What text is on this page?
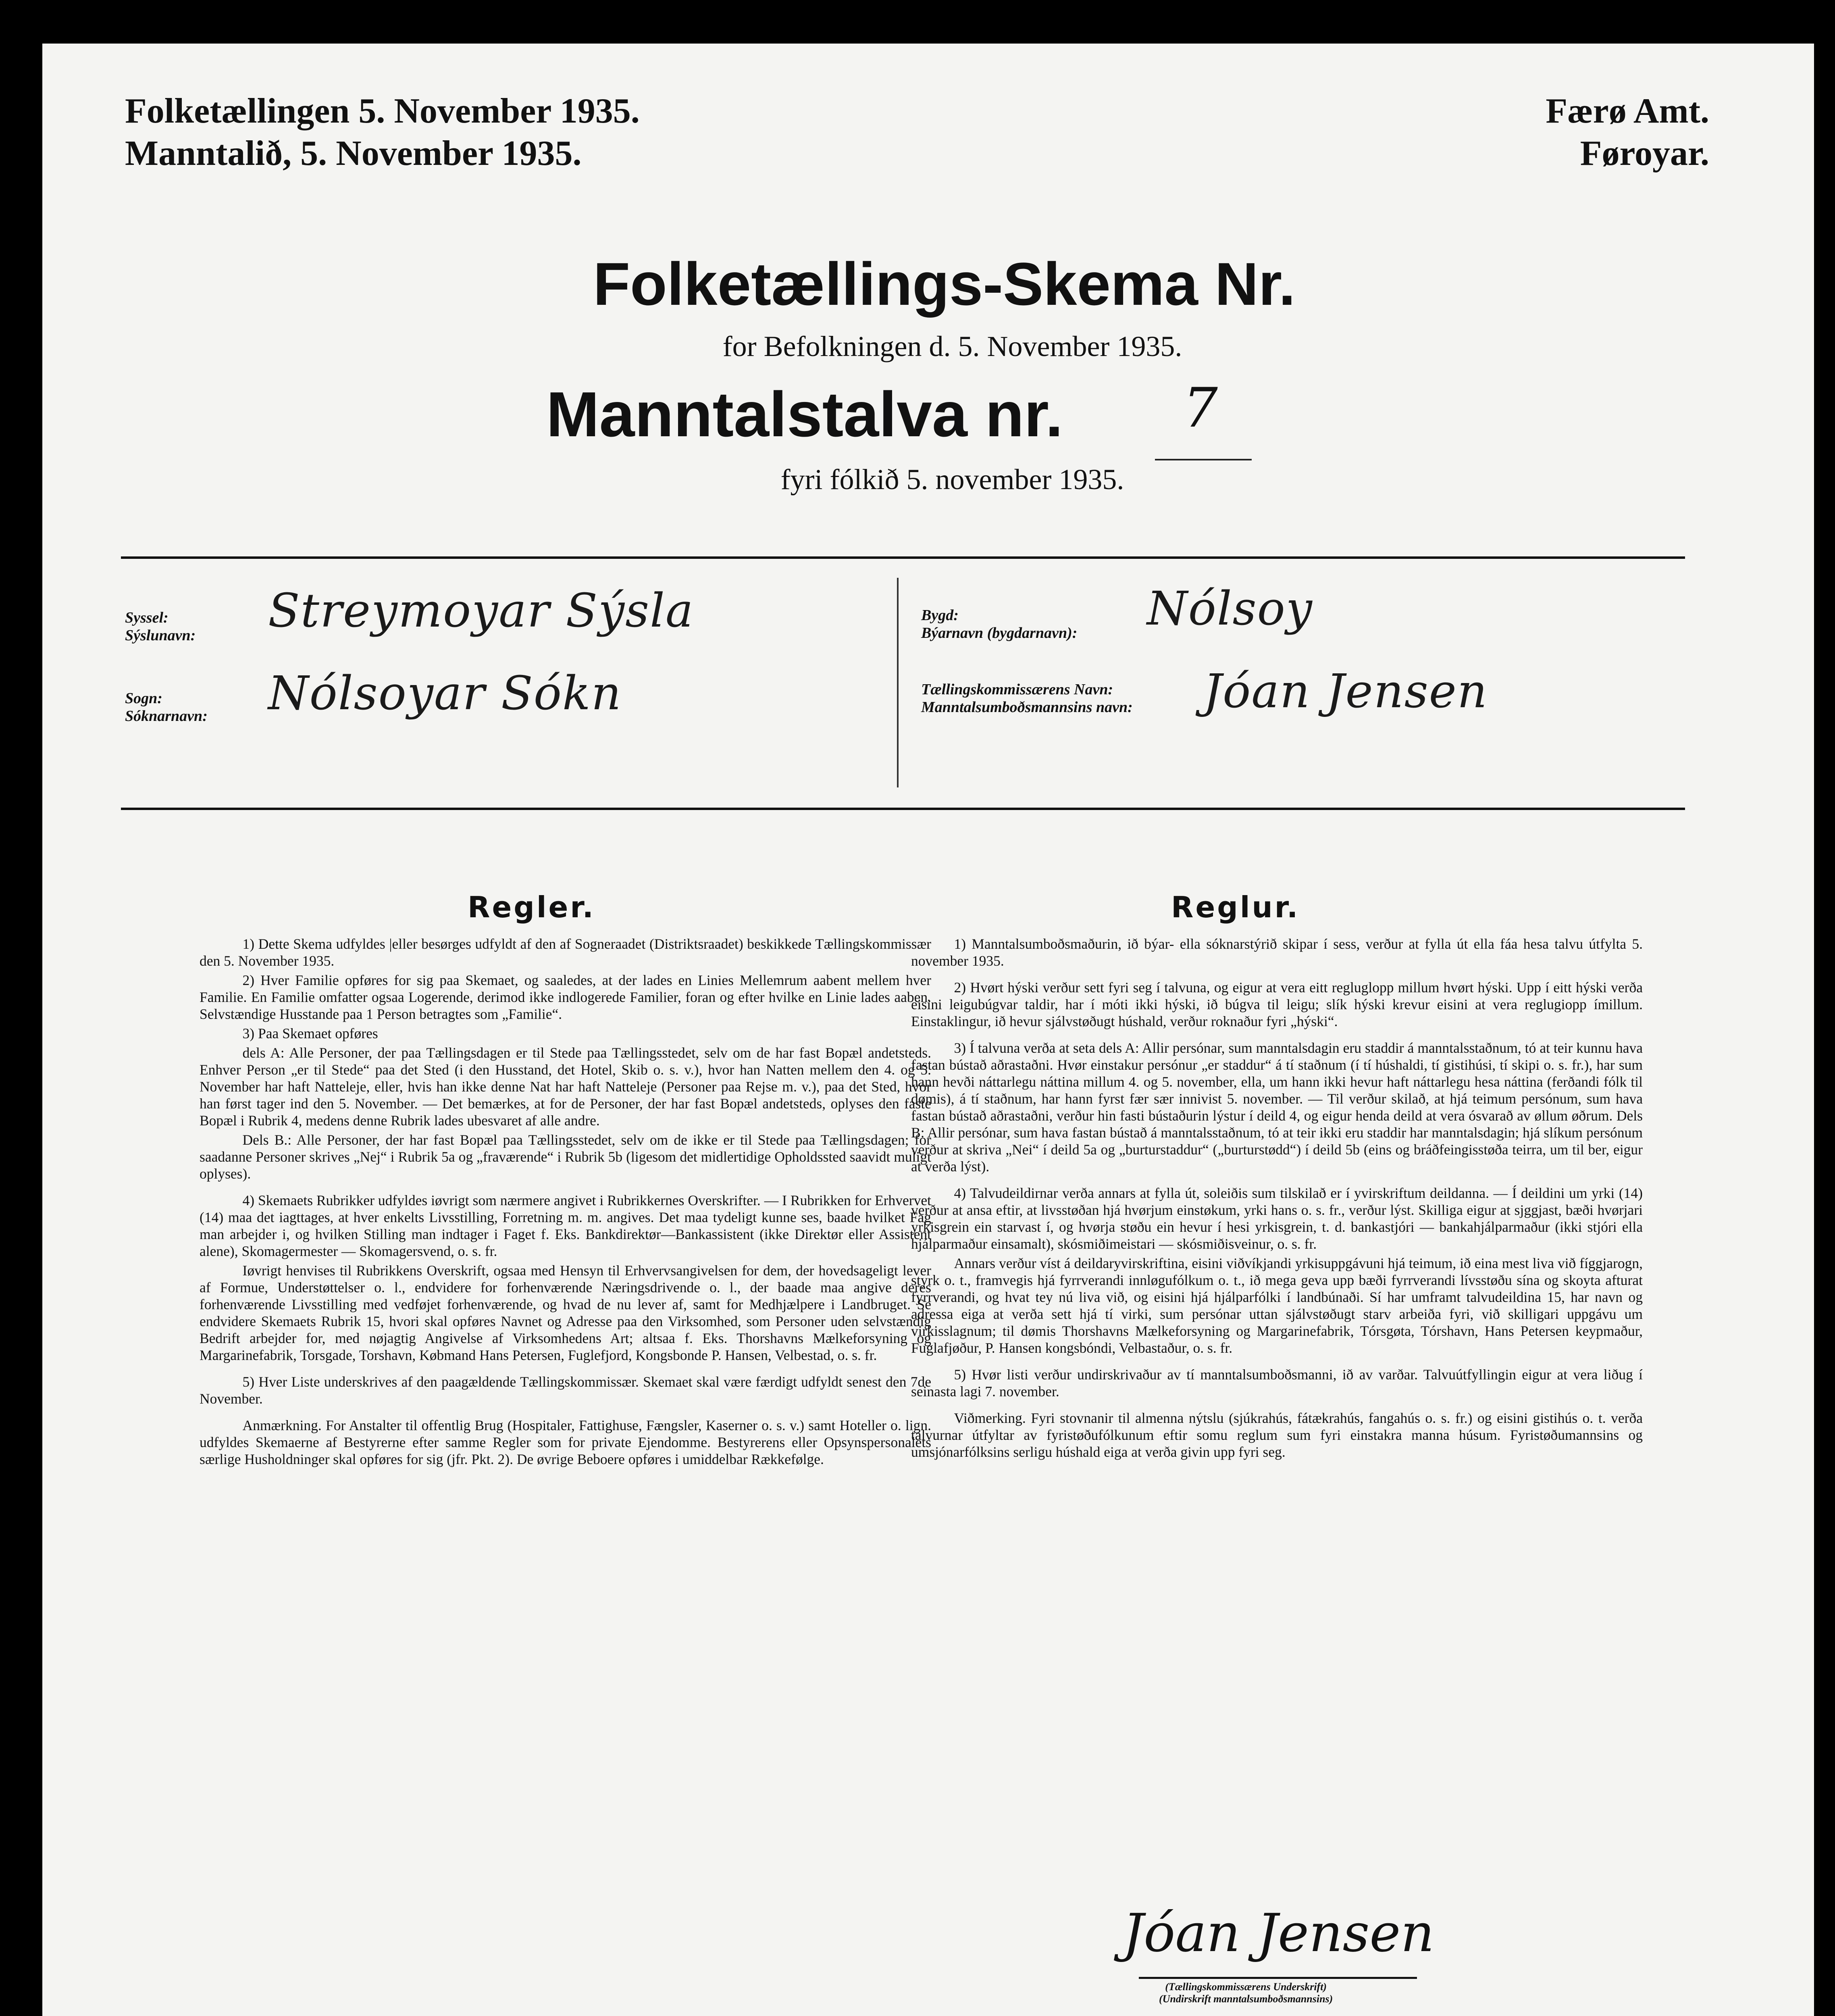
Folketællingen 5. November 1935.
Manntalið, 5. November 1935.
Færø Amt.
Føroyar.
Folketællings-Skema Nr.
for Befolkningen d. 5. November 1935.
Manntalstalva nr. 7
fyri fólkið 5. november 1935.
Syssel:
Sýslunavn: Streymoyar Sýsla
Sogn:
Sóknarnavn: Nólsoyar Sókn
Bygd:
Býarnavn (bygdarnavn): Nólsoy
Tællingskommissærens Navn:
Manntalsumboðsmannsins navn: Jóan Jensen
Regler.

1) Dette Skema udfyldes |eller besørges udfyldt af den af Sogneraadet (Distriktsraadet) beskikkede Tællingskommissær den 5. November 1935.

2) Hver Familie opføres for sig paa Skemaet, og saaledes, at der lades en Linies Mellemrum aabent mellem hver Familie. En Familie omfatter ogsaa Logerende, derimod ikke indlogerede Familier, foran og efter hvilke en Linie lades aaben. Selvstændige Husstande paa 1 Person betragtes som „Familie“.

3) Paa Skemaet opføres

dels A: Alle Personer, der paa Tællingsdagen er til Stede paa Tællingsstedet, selv om de har fast Bopæl andetsteds. Enhver Person „er til Stede“ paa det Sted (i den Husstand, det Hotel, Skib o. s. v.), hvor han Natten mellem den 4. og 5. November har haft Natteleje, eller, hvis han ikke denne Nat har haft Natteleje (Personer paa Rejse m. v.), paa det Sted, hvor han først tager ind den 5. November. — Det bemærkes, at for de Personer, der har fast Bopæl andetsteds, oplyses den faste Bopæl i Rubrik 4, medens denne Rubrik lades ubesvaret af alle andre.

Dels B.: Alle Personer, der har fast Bopæl paa Tællingsstedet, selv om de ikke er til Stede paa Tællingsdagen; for saadanne Personer skrives „Nej“ i Rubrik 5a og „fraværende“ i Rubrik 5b (ligesom det midlertidige Opholdssted saavidt muligt oplyses).

4) Skemaets Rubrikker udfyldes iøvrigt som nærmere angivet i Rubrikkernes Overskrifter. — I Rubrikken for Erhvervet (14) maa det iagttages, at hver enkelts Livsstilling, Forretning m. m. angives. Det maa tydeligt kunne ses, baade hvilket Fag man arbejder i, og hvilken Stilling man indtager i Faget f. Eks. Bankdirektør—Bankassistent (ikke Direktør eller Assistent alene), Skomagermester — Skomagersvend, o. s. fr.

Iøvrigt henvises til Rubrikkens Overskrift, ogsaa med Hensyn til Erhvervsangivelsen for dem, der hovedsageligt lever af Formue, Understøttelser o. l., endvidere for forhenværende Næringsdrivende o. l., der baade maa angive deres forhenværende Livsstilling med vedføjet forhenværende, og hvad de nu lever af, samt for Medhjælpere i Landbruget. Se endvidere Skemaets Rubrik 15, hvori skal opføres Navnet og Adresse paa den Virksomhed, som Personer uden selvstændig Bedrift arbejder for, med nøjagtig Angivelse af Virksomhedens Art; altsaa f. Eks. Thorshavns Mælkeforsyning og Margarinefabrik, Torsgade, Torshavn, Købmand Hans Petersen, Fuglefjord, Kongsbonde P. Hansen, Velbestad, o. s. fr.

5) Hver Liste underskrives af den paagældende Tællingskommissær. Skemaet skal være færdigt udfyldt senest den 7de November.

Anmærkning. For Anstalter til offentlig Brug (Hospitaler, Fattighuse, Fængsler, Kaserner o. s. v.) samt Hoteller o. lign. udfyldes Skemaerne af Bestyrerne efter samme Regler som for private Ejendomme. Bestyrerens eller Opsynspersonalets særlige Husholdninger skal opføres for sig (jfr. Pkt. 2). De øvrige Beboere opføres i umiddelbar Rækkefølge.

Reglur.

1) Manntalsumboðsmaðurin, ið býar- ella sóknarstýrið skipar í sess, verður at fylla út ella fáa hesa talvu útfylta 5. november 1935.

2) Hvørt hýski verður sett fyri seg í talvuna, og eigur at vera eitt regluglopp millum hvørt hýski. Upp í eitt hýski verða eisini leigubúgvar taldir, har í móti ikki hýski, ið búgva til leigu; slík hýski krevur eisini at vera reglugiopp ímillum. Einstaklingur, ið hevur sjálvstøðugt húshald, verður roknaður fyri „hýski“.

3) Í talvuna verða at seta dels A: Allir persónar, sum manntalsdagin eru staddir á manntalsstaðnum, tó at teir kunnu hava fastan bústað aðrastaðni. Hvør einstakur persónur „er staddur“ á tí staðnum (í tí húshaldi, tí gistihúsi, tí skipi o. s. fr.), har sum hann hevði náttarlegu náttina millum 4. og 5. november, ella, um hann ikki hevur haft náttarlegu hesa náttina (ferðandi fólk til dømis), á tí staðnum, har hann fyrst fær sær innivist 5. november. — Til verður skilað, at hjá teimum persónum, sum hava fastan bústað aðrastaðni, verður hin fasti bústaðurin lýstur í deild 4, og eigur henda deild at vera ósvarað av øllum øðrum. Dels B: Allir persónar, sum hava fastan bústað á manntalsstaðnum, tó at teir ikki eru staddir har manntalsdagin; hjá slíkum persónum verður at skriva „Nei“ í deild 5a og „burturstaddur“ („burturstødd“) í deild 5b (eins og bráðfeingisstøða teirra, um til ber, eigur at verða lýst).

4) Talvudeildirnar verða annars at fylla út, soleiðis sum tilskilað er í yvirskriftum deildanna. — Í deildini um yrki (14) verður at ansa eftir, at livsstøðan hjá hvørjum einstøkum, yrki hans o. s. fr., verður lýst. Skilliga eigur at sjggjast, bæði hvørjari yrkisgrein ein starvast í, og hvørja støðu ein hevur í hesi yrkisgrein, t. d. bankastjóri — bankahjálparmaður (ikki stjóri ella hjálparmaður einsamalt), skósmiðimeistari — skósmiðisveinur, o. s. fr.

Annars verður víst á deildaryvirskriftina, eisini viðvíkjandi yrkisuppgávuni hjá teimum, ið eina mest liva við fíggjarogn, styrk o. t., framvegis hjá fyrrverandi innløgufólkum o. t., ið mega geva upp bæði fyrrverandi lívsstøðu sína og skoyta afturat fyrrverandi, og hvat tey nú liva við, og eisini hjá hjálparfólki í landbúnaði. Sí har umframt talvudeildina 15, har navn og adressa eiga at verða sett hjá tí virki, sum persónar uttan sjálvstøðugt starv arbeiða fyri, við skilligari uppgávu um virkisslagnum; til dømis Thorshavns Mælkeforsyning og Margarinefabrik, Tórsgøta, Tórshavn, Hans Petersen keypmaður, Fuglafjøður, P. Hansen kongsbóndi, Velbastaður, o. s. fr.

5) Hvør listi verður undirskrivaður av tí manntalsumboðsmanni, ið av varðar. Talvuútfyllingin eigur at vera liðug í seinasta lagi 7. november.

Viðmerking. Fyri stovnanir til almenna nýtslu (sjúkrahús, fátækrahús, fangahús o. s. fr.) og eisini gistihús o. t. verða talvurnar útfyltar av fyristøðufólkunum eftir somu reglum sum fyri einstakra manna húsum. Fyristøðumannsins og umsjónarfólksins serligu húshald eiga at verða givin upp fyri seg.

Jóan Jensen
(Tællingskommissærens Underskrift)
(Undirskrift manntalsumboðsmannsins)
